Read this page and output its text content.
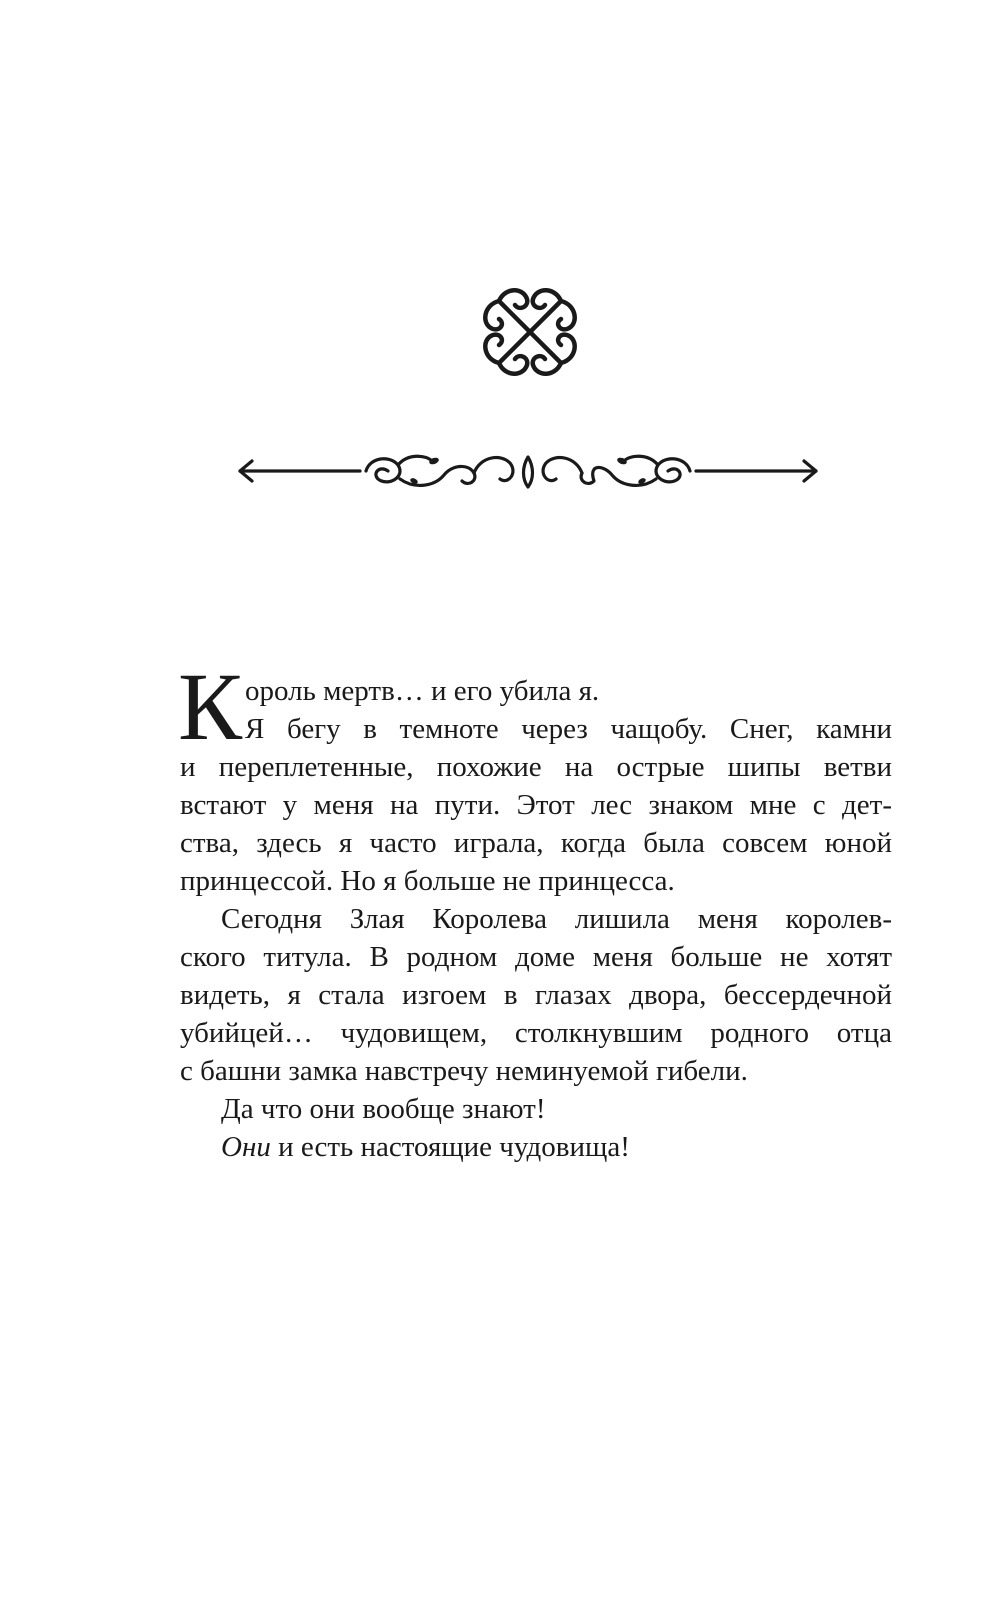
К ороль мертв… и его убила я.
Я бегу в темноте через чащобу. Снег, камни
и переплетенные, похожие на острые шипы ветви
встают у меня на пути. Этот лес знаком мне с дет-
ства, здесь я часто играла, когда была совсем юной
принцессой. Но я больше не принцесса.
Сегодня Злая Королева лишила меня королев-
ского титула. В родном доме меня больше не хотят
видеть, я стала изгоем в глазах двора, бессердечной
убийцей… чудовищем, столкнувшим родного отца
с башни замка навстречу неминуемой гибели.
Да что они вообще знают!
Они и есть настоящие чудовища!
